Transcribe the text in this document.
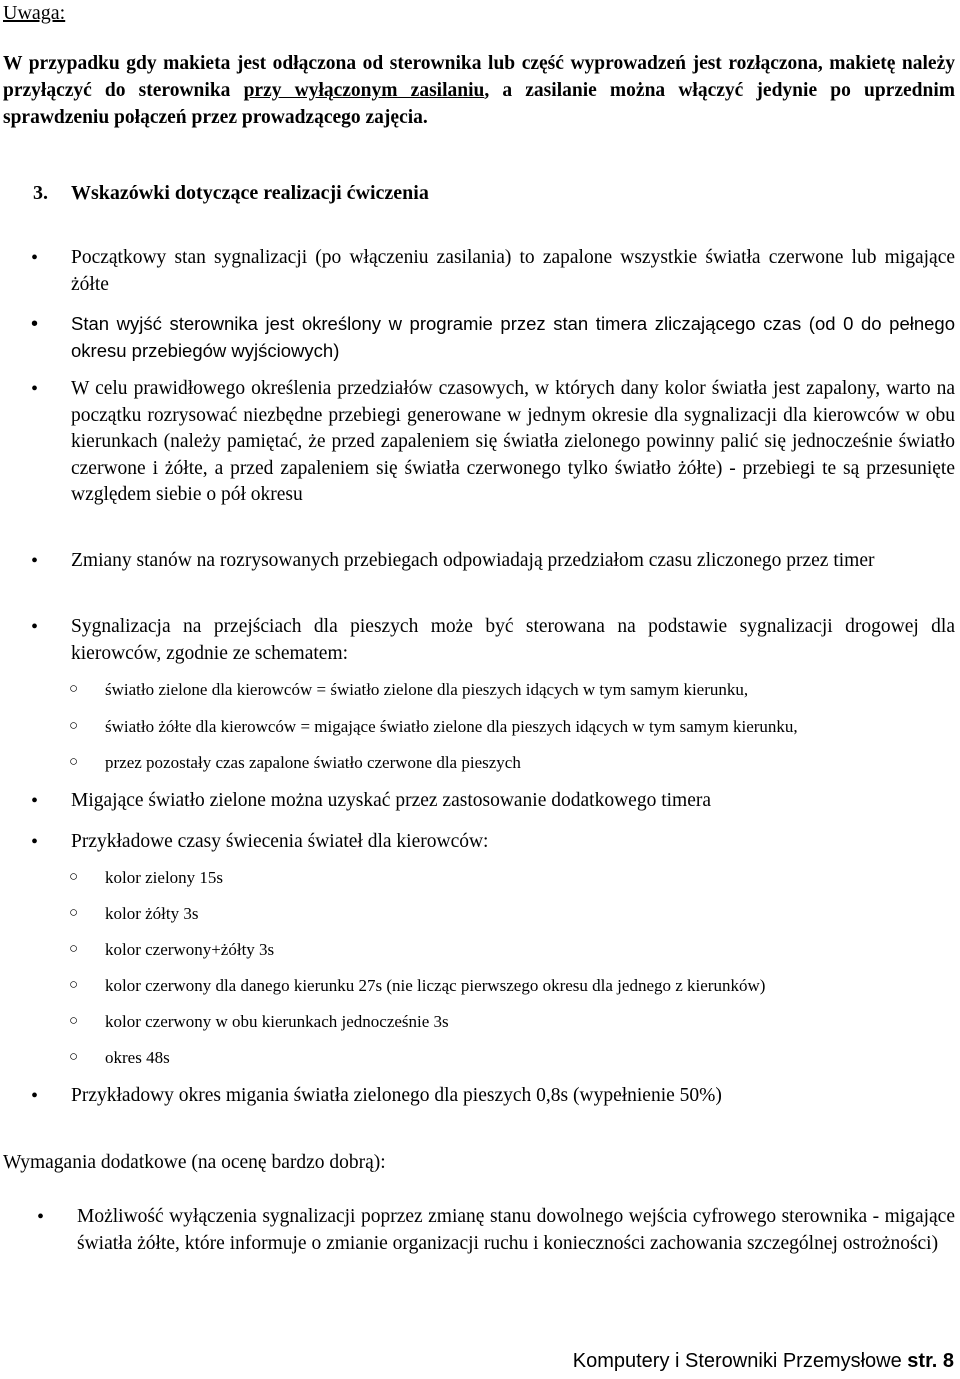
Uwaga:
W przypadku gdy makieta jest odłączona od sterownika lub część wyprowadzeń jest rozłączona, makietę należy przyłączyć do sterownika przy wyłączonym zasilaniu, a zasilanie można włączyć jedynie po uprzednim sprawdzeniu połączeń przez prowadzącego zajęcia.
3. Wskazówki dotyczące realizacji ćwiczenia
• Początkowy stan sygnalizacji (po włączeniu zasilania) to zapalone wszystkie światła czerwone lub migające żółte
• Stan wyjść sterownika jest określony w programie przez stan timera zliczającego czas (od 0 do pełnego okresu przebiegów wyjściowych)
• W celu prawidłowego określenia przedziałów czasowych, w których dany kolor światła jest zapalony, warto na początku rozrysować niezbędne przebiegi generowane w jednym okresie dla sygnalizacji dla kierowców w obu kierunkach (należy pamiętać, że przed zapaleniem się światła zielonego powinny palić się jednocześnie światło czerwone i żółte, a przed zapaleniem się światła czerwonego tylko światło żółte) - przebiegi te są przesunięte względem siebie o pół okresu
• Zmiany stanów na rozrysowanych przebiegach odpowiadają przedziałom czasu zliczonego przez timer
• Sygnalizacja na przejściach dla pieszych może być sterowana na podstawie sygnalizacji drogowej dla kierowców, zgodnie ze schematem:
○ światło zielone dla kierowców = światło zielone dla pieszych idących w tym samym kierunku,
○ światło żółte dla kierowców = migające światło zielone dla pieszych idących w tym samym kierunku,
○ przez pozostały czas zapalone światło czerwone dla pieszych
• Migające światło zielone można uzyskać przez zastosowanie dodatkowego timera
• Przykładowe czasy świecenia świateł dla kierowców:
○ kolor zielony 15s
○ kolor żółty 3s
○ kolor czerwony+żółty 3s
○ kolor czerwony dla danego kierunku 27s (nie licząc pierwszego okresu dla jednego z kierunków)
○ kolor czerwony w obu kierunkach jednocześnie 3s
○ okres 48s
• Przykładowy okres migania światła zielonego dla pieszych 0,8s (wypełnienie 50%)
Wymagania dodatkowe (na ocenę bardzo dobrą):
• Możliwość wyłączenia sygnalizacji poprzez zmianę stanu dowolnego wejścia cyfrowego sterownika - migające światła żółte, które informuje o zmianie organizacji ruchu i konieczności zachowania szczególnej ostrożności)
Komputery i Sterowniki Przemysłowe str. 8
